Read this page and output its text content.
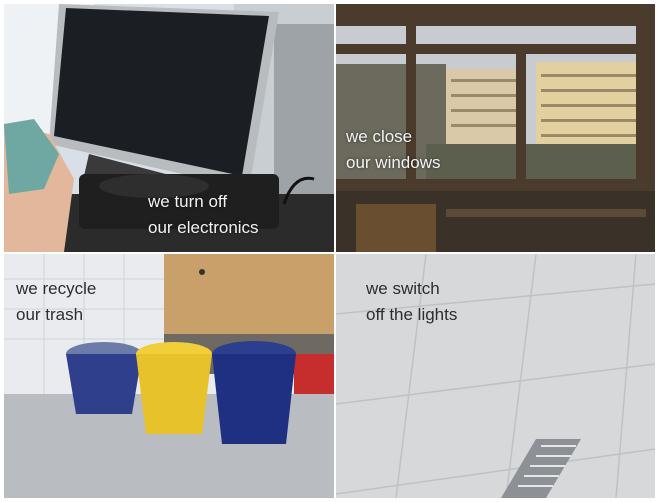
we turn off
our electronics
we close
our windows
we recycle
our trash
we switch
off the lights
